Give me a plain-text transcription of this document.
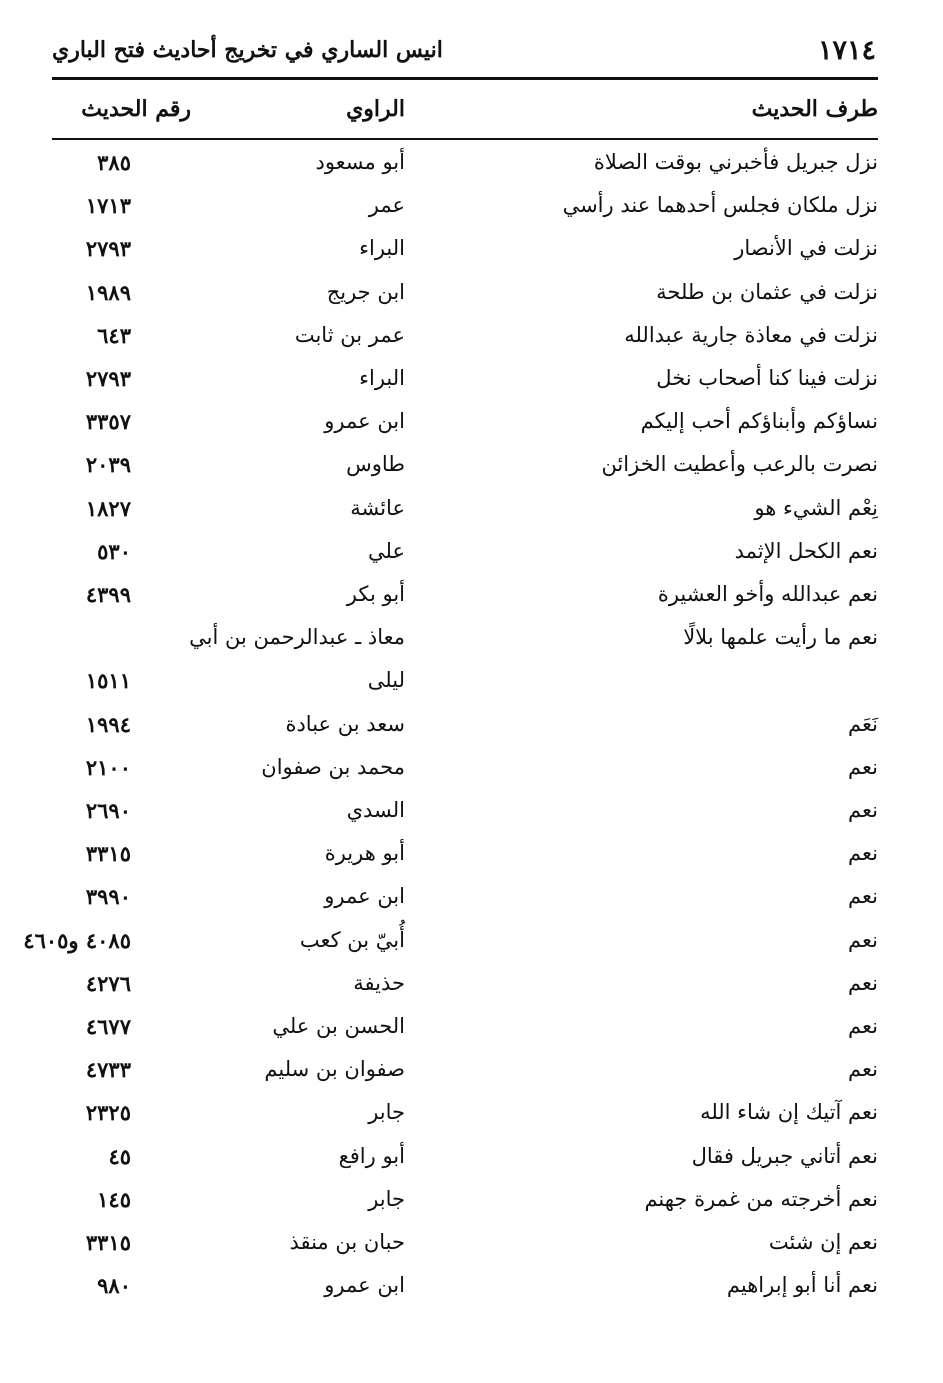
١٧١٤
انيس الساري في تخريج أحاديث فتح الباري
طرف الحديث
الراوي
رقم الحديث
نزل جبريل فأخبرني بوقت الصلاة
أبو مسعود
٣٨٥
نزل ملكان فجلس أحدهما عند رأسي
عمر
١٧١٣
نزلت في الأنصار
البراء
٢٧٩٣
نزلت في عثمان بن طلحة
ابن جريج
١٩٨٩
نزلت في معاذة جارية عبدالله
عمر بن ثابت
٦٤٣
نزلت فينا كنا أصحاب نخل
البراء
٢٧٩٣
نساؤكم وأبناؤكم أحب إليكم
ابن عمرو
٣٣٥٧
نصرت بالرعب وأعطيت الخزائن
طاوس
٢٠٣٩
نِعْم الشيء هو
عائشة
١٨٢٧
نعم الكحل الإثمد
علي
٥٣٠
نعم عبدالله وأخو العشيرة
أبو بكر
٤٣٩٩
نعم ما رأيت علمها بلالًا
معاذ ـ عبدالرحمن بن أبي
ليلى
١٥١١
نَعَم
سعد بن عبادة
١٩٩٤
نعم
محمد بن صفوان
٢١٠٠
نعم
السدي
٢٦٩٠
نعم
أبو هريرة
٣٣١٥
نعم
ابن عمرو
٣٩٩٠
نعم
أُبيّ بن كعب
٤٠٨٥ و٤٦٠٥
نعم
حذيفة
٤٢٧٦
نعم
الحسن بن علي
٤٦٧٧
نعم
صفوان بن سليم
٤٧٣٣
نعم آتيك إن شاء الله
جابر
٢٣٢٥
نعم أتاني جبريل فقال
أبو رافع
٤٥
نعم أخرجته من غمرة جهنم
جابر
١٤٥
نعم إن شئت
حبان بن منقذ
٣٣١٥
نعم أنا أبو إبراهيم
ابن عمرو
٩٨٠
